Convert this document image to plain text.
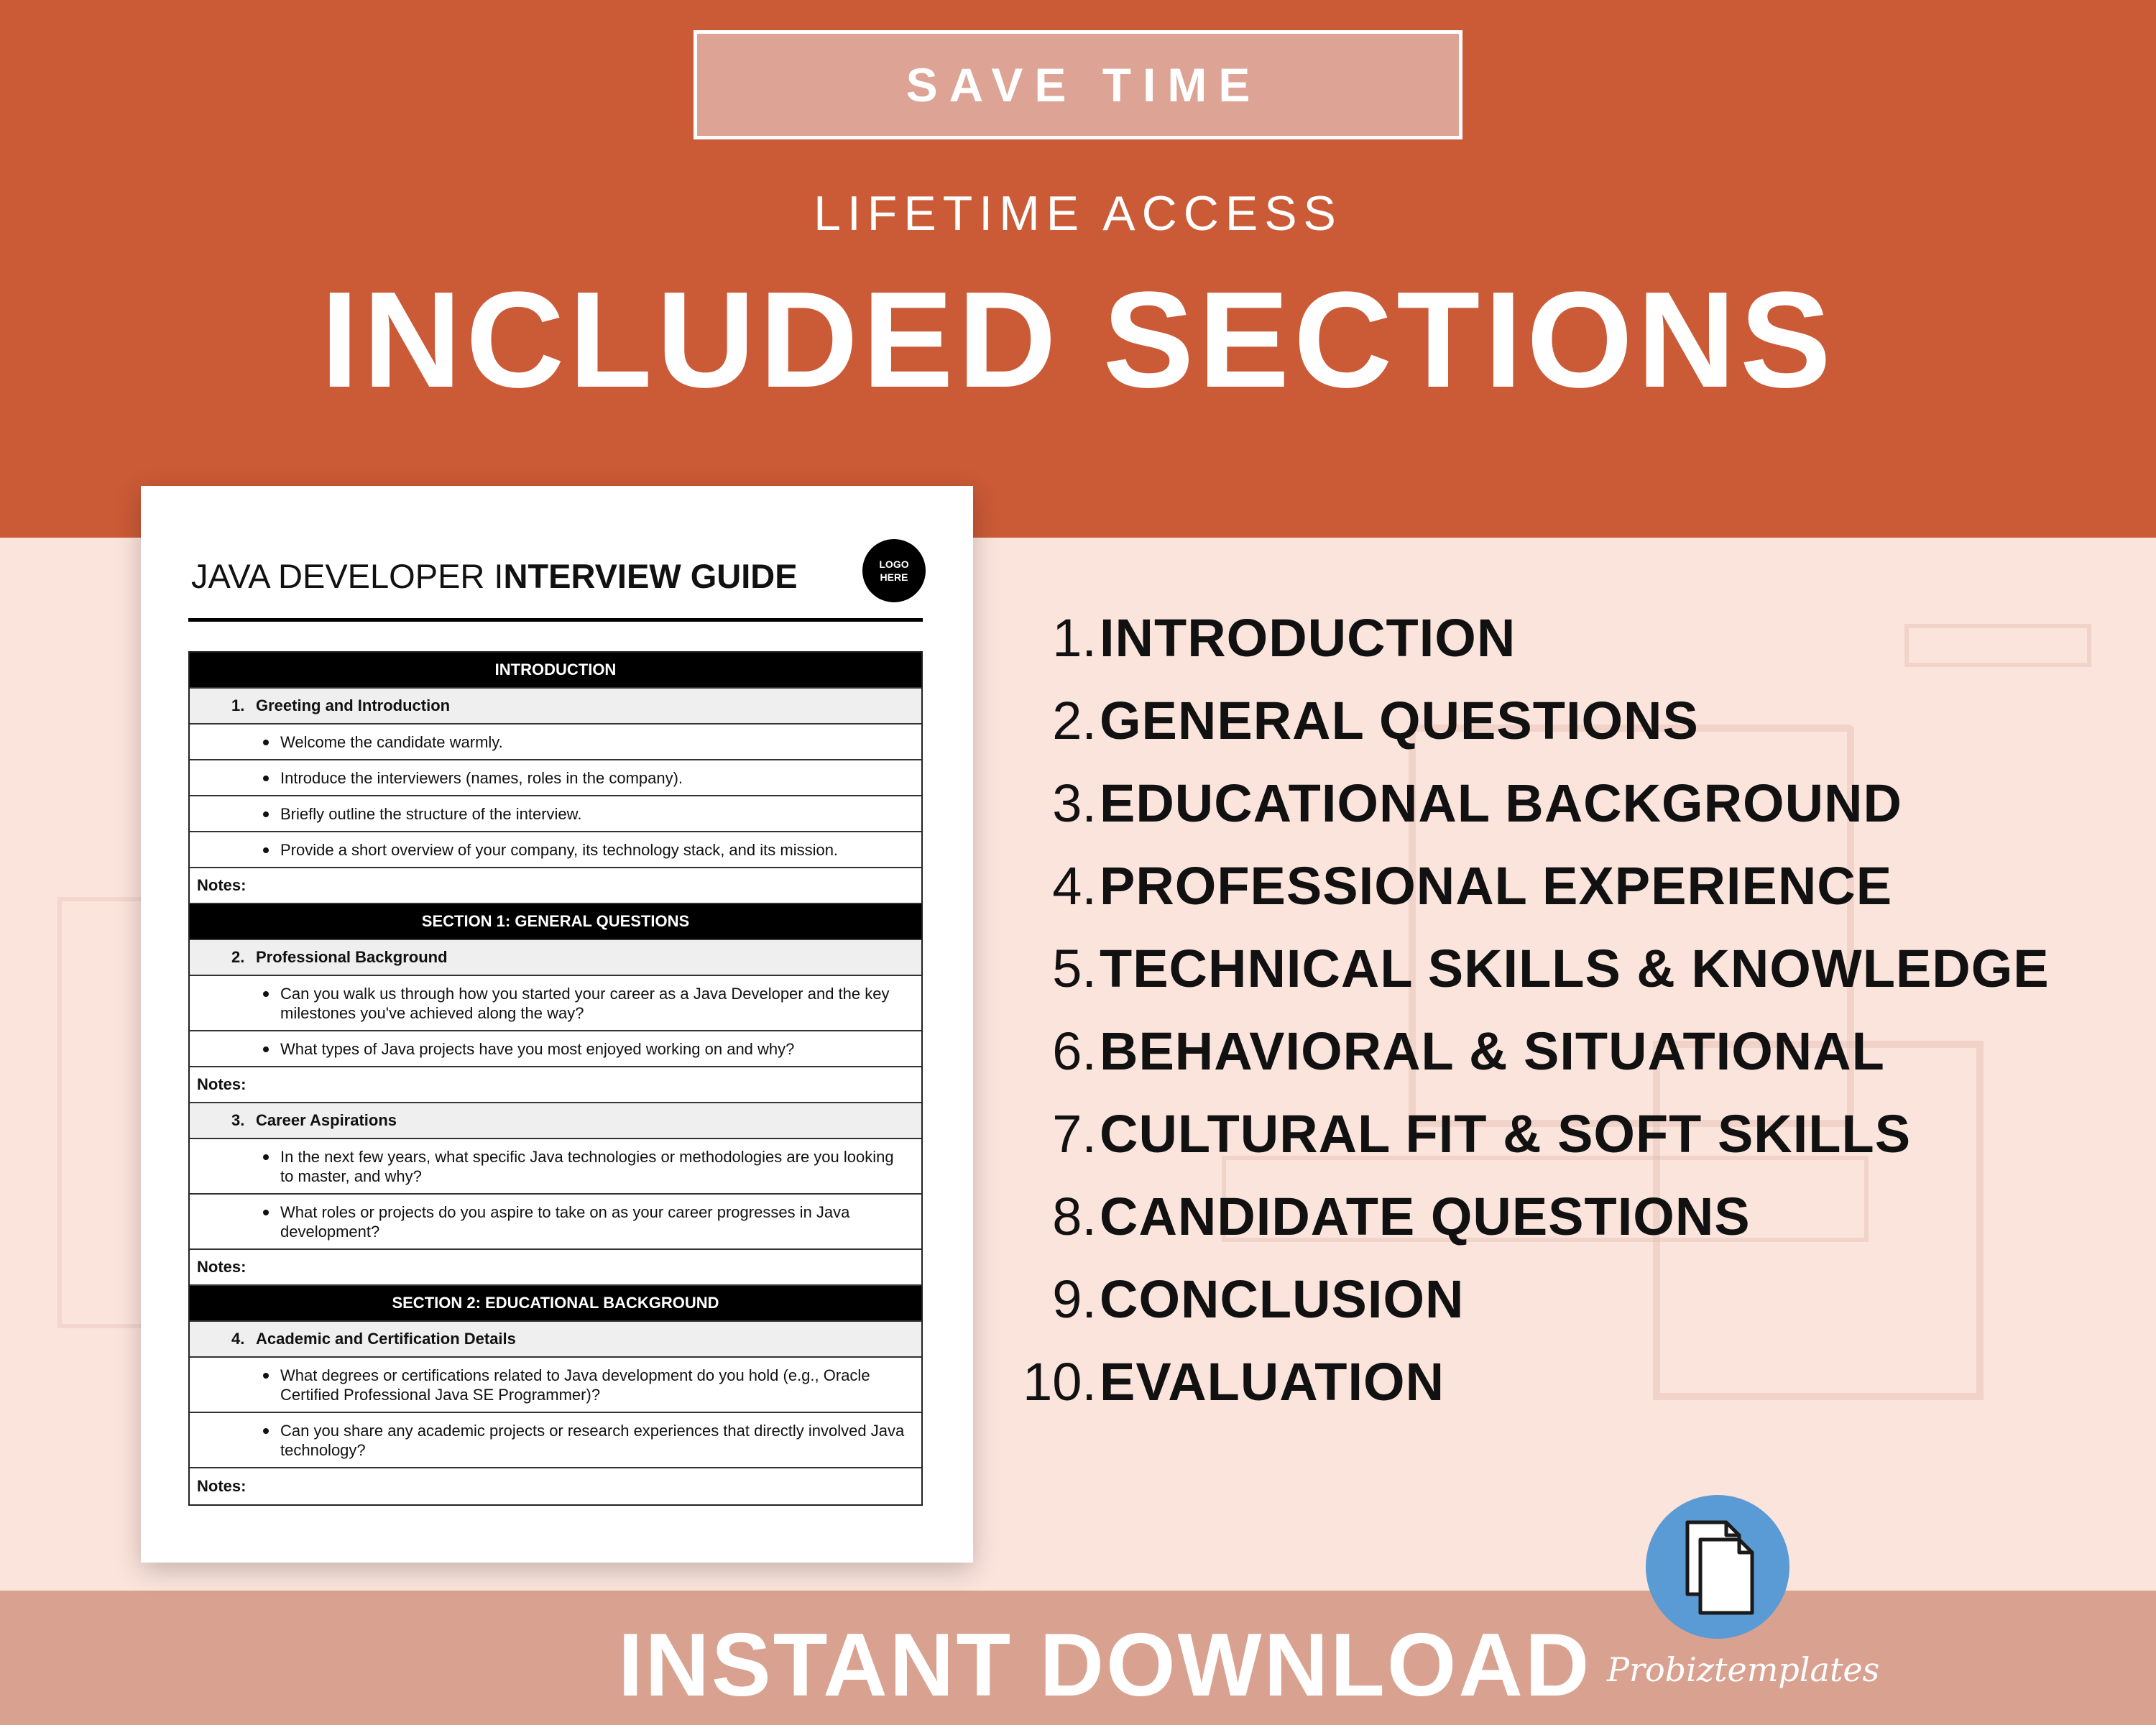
SAVE TIME
LIFETIME ACCESS
INCLUDED SECTIONS
JAVA DEVELOPER INTERVIEW GUIDE	LOGO
HERE
INTRODUCTION
1. Greeting and Introduction
Welcome the candidate warmly.
Introduce the interviewers (names, roles in the company).
Briefly outline the structure of the interview.
Provide a short overview of your company, its technology stack, and its mission.
Notes:
SECTION 1: GENERAL QUESTIONS
2. Professional Background
Can you walk us through how you started your career as a Java Developer and the key milestones you've achieved along the way?
What types of Java projects have you most enjoyed working on and why?
Notes:
3. Career Aspirations
In the next few years, what specific Java technologies or methodologies are you looking to master, and why?
What roles or projects do you aspire to take on as your career progresses in Java development?
Notes:
SECTION 2: EDUCATIONAL BACKGROUND
4. Academic and Certification Details
What degrees or certifications related to Java development do you hold (e.g., Oracle Certified Professional Java SE Programmer)?
Can you share any academic projects or research experiences that directly involved Java technology?
Notes:
1. INTRODUCTION
2. GENERAL QUESTIONS
3. EDUCATIONAL BACKGROUND
4. PROFESSIONAL EXPERIENCE
5. TECHNICAL SKILLS & KNOWLEDGE
6. BEHAVIORAL & SITUATIONAL
7. CULTURAL FIT & SOFT SKILLS
8. CANDIDATE QUESTIONS
9. CONCLUSION
10. EVALUATION
INSTANT DOWNLOAD Probiztemplates
